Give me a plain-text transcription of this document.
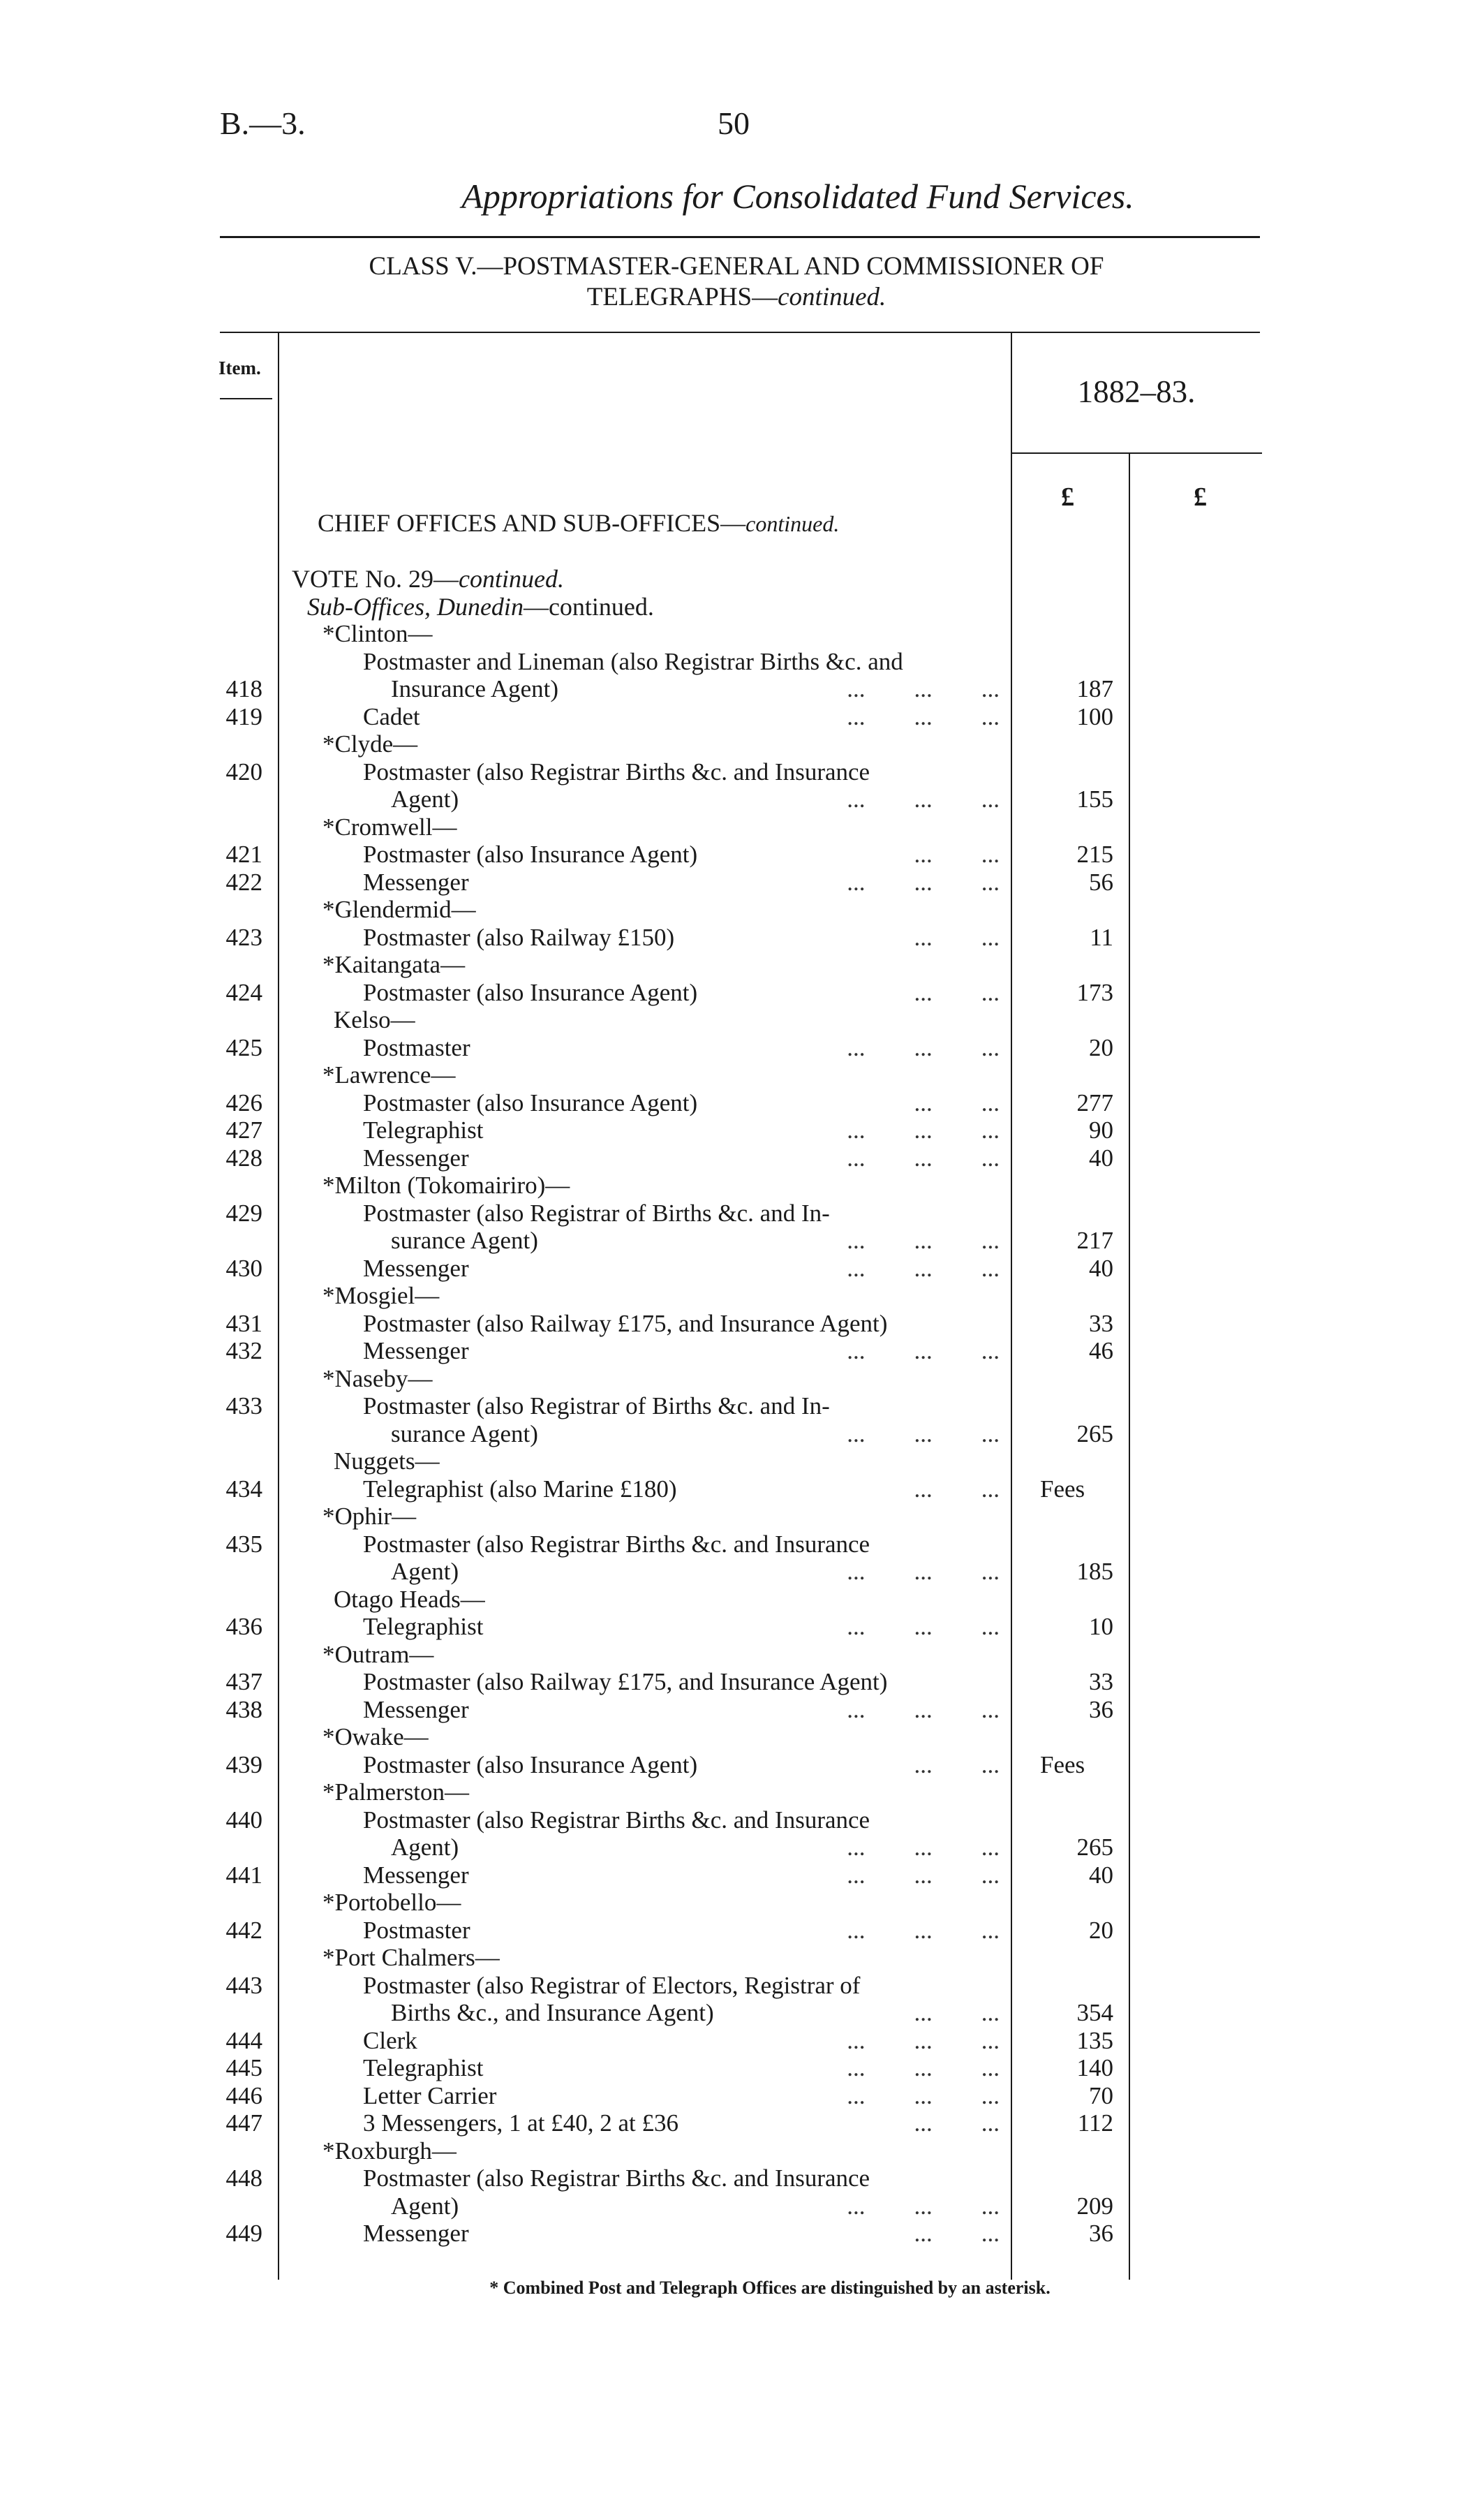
B.—3.	50
Appropriations for Consolidated Fund Services.
CLASS V.—POSTMASTER-GENERAL AND COMMISSIONER OF
TELEGRAPHS—continued.
Item.
1882–83.
£	£
CHIEF OFFICES AND SUB-OFFICES—continued.
VOTE No. 29—continued.
Sub-Offices, Dunedin—continued.
*Clinton—
Postmaster and Lineman (also Registrar Births &c. and
418	Insurance Agent)	...        ...        ...	187
419	Cadet	...        ...        ...	100
*Clyde—
420	Postmaster (also Registrar Births &c. and Insurance
Agent)	...        ...        ...	155
*Cromwell—
421	Postmaster (also Insurance Agent)	...        ...	215
422	Messenger	...        ...        ...	56
*Glendermid—
423	Postmaster (also Railway £150)	...        ...	11
*Kaitangata—
424	Postmaster (also Insurance Agent)	...        ...	173
Kelso—
425	Postmaster	...        ...        ...	20
*Lawrence—
426	Postmaster (also Insurance Agent)	...        ...	277
427	Telegraphist	...        ...        ...	90
428	Messenger	...        ...        ...	40
*Milton (Tokomairiro)—
429	Postmaster (also Registrar of Births &c. and In-
surance Agent)	...        ...        ...	217
430	Messenger	...        ...        ...	40
*Mosgiel—
431	Postmaster (also Railway £175, and Insurance Agent)	33
432	Messenger	...        ...        ...	46
*Naseby—
433	Postmaster (also Registrar of Births &c. and In-
surance Agent)	...        ...        ...	265
Nuggets—
434	Telegraphist (also Marine £180)	...        ... Fees
*Ophir—
435	Postmaster (also Registrar Births &c. and Insurance
Agent)	...        ...        ...	185
Otago Heads—
436	Telegraphist	...        ...        ...	10
*Outram—
437	Postmaster (also Railway £175, and Insurance Agent)	33
438	Messenger	...        ...        ...	36
*Owake—
439	Postmaster (also Insurance Agent)	...        ... Fees
*Palmerston—
440	Postmaster (also Registrar Births &c. and Insurance
Agent)	...        ...        ...	265
441	Messenger	...        ...        ...	40
*Portobello—
442	Postmaster	...        ...        ...	20
*Port Chalmers—
443	Postmaster (also Registrar of Electors, Registrar of
Births &c., and Insurance Agent)	...        ...	354
444	Clerk	...        ...        ...	135
445	Telegraphist	...        ...        ...	140
446	Letter Carrier	...        ...        ...	70
447	3 Messengers, 1 at £40, 2 at £36	...        ...	112
*Roxburgh—
448	Postmaster (also Registrar Births &c. and Insurance
Agent)	...        ...        ...	209
449	Messenger	...        ...	36
* Combined Post and Telegraph Offices are distinguished by an asterisk.
